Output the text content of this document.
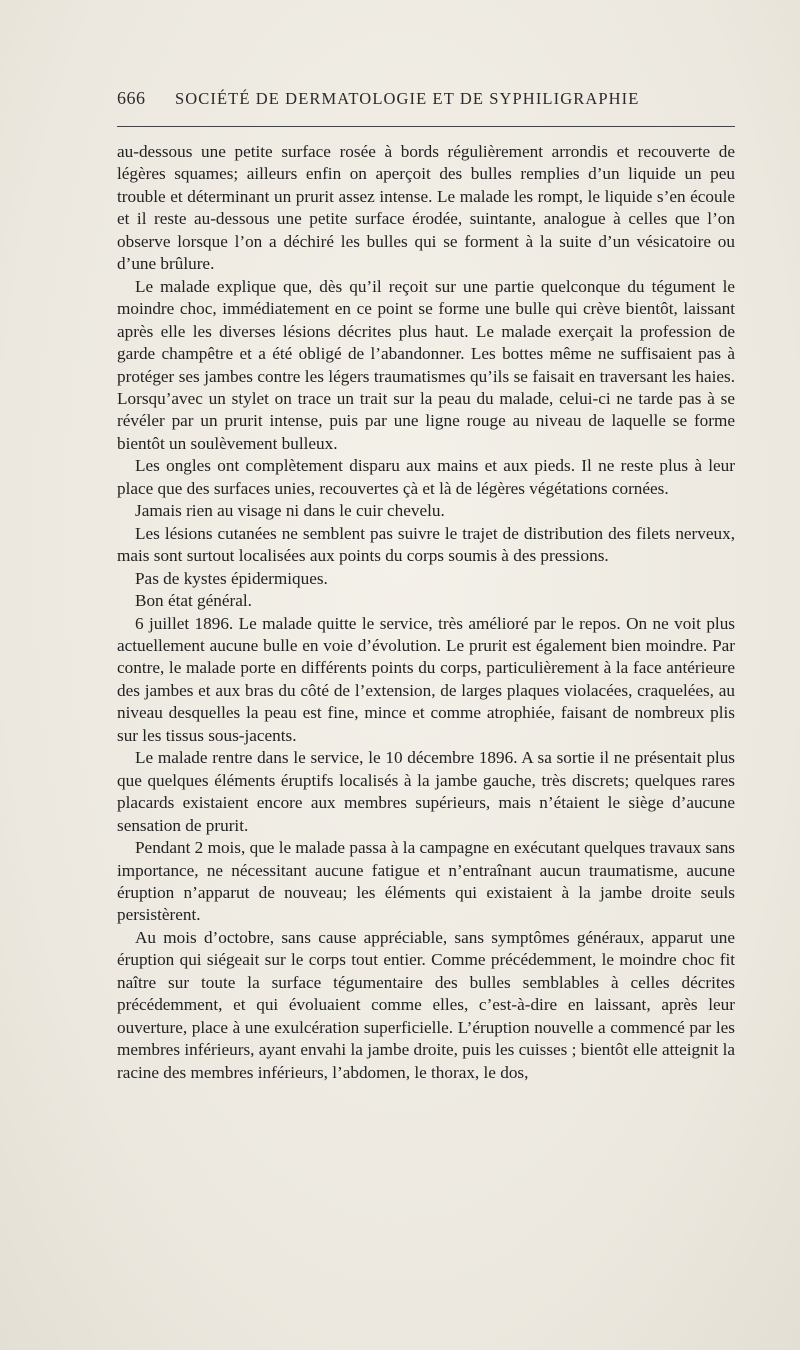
666 SOCIÉTÉ DE DERMATOLOGIE ET DE SYPHILIGRAPHIE

au-dessous une petite surface rosée à bords régulièrement arrondis et recouverte de légères squames; ailleurs enfin on aperçoit des bulles remplies d’un liquide un peu trouble et déterminant un prurit assez intense. Le malade les rompt, le liquide s’en écoule et il reste au-dessous une petite surface érodée, suintante, analogue à celles que l’on observe lorsque l’on a déchiré les bulles qui se forment à la suite d’un vésicatoire ou d’une brûlure.

Le malade explique que, dès qu’il reçoit sur une partie quelconque du tégument le moindre choc, immédiatement en ce point se forme une bulle qui crève bientôt, laissant après elle les diverses lésions décrites plus haut. Le malade exerçait la profession de garde champêtre et a été obligé de l’abandonner. Les bottes même ne suffisaient pas à protéger ses jambes contre les légers traumatismes qu’ils se faisait en traversant les haies. Lorsqu’avec un stylet on trace un trait sur la peau du malade, celui-ci ne tarde pas à se révéler par un prurit intense, puis par une ligne rouge au niveau de laquelle se forme bientôt un soulèvement bulleux.

Les ongles ont complètement disparu aux mains et aux pieds. Il ne reste plus à leur place que des surfaces unies, recouvertes çà et là de légères végétations cornées.

Jamais rien au visage ni dans le cuir chevelu.

Les lésions cutanées ne semblent pas suivre le trajet de distribution des filets nerveux, mais sont surtout localisées aux points du corps soumis à des pressions.

Pas de kystes épidermiques.

Bon état général.

6 juillet 1896. Le malade quitte le service, très amélioré par le repos. On ne voit plus actuellement aucune bulle en voie d’évolution. Le prurit est également bien moindre. Par contre, le malade porte en différents points du corps, particulièrement à la face antérieure des jambes et aux bras du côté de l’extension, de larges plaques violacées, craquelées, au niveau desquelles la peau est fine, mince et comme atrophiée, faisant de nombreux plis sur les tissus sous-jacents.

Le malade rentre dans le service, le 10 décembre 1896. A sa sortie il ne présentait plus que quelques éléments éruptifs localisés à la jambe gauche, très discrets; quelques rares placards existaient encore aux membres supérieurs, mais n’étaient le siège d’aucune sensation de prurit.

Pendant 2 mois, que le malade passa à la campagne en exécutant quelques travaux sans importance, ne nécessitant aucune fatigue et n’entraînant aucun traumatisme, aucune éruption n’apparut de nouveau; les éléments qui existaient à la jambe droite seuls persistèrent.

Au mois d’octobre, sans cause appréciable, sans symptômes généraux, apparut une éruption qui siégeait sur le corps tout entier. Comme précédemment, le moindre choc fit naître sur toute la surface tégumentaire des bulles semblables à celles décrites précédemment, et qui évoluaient comme elles, c’est-à-dire en laissant, après leur ouverture, place à une exulcération superficielle. L’éruption nouvelle a commencé par les membres inférieurs, ayant envahi la jambe droite, puis les cuisses ; bientôt elle atteignit la racine des membres inférieurs, l’abdomen, le thorax, le dos,
